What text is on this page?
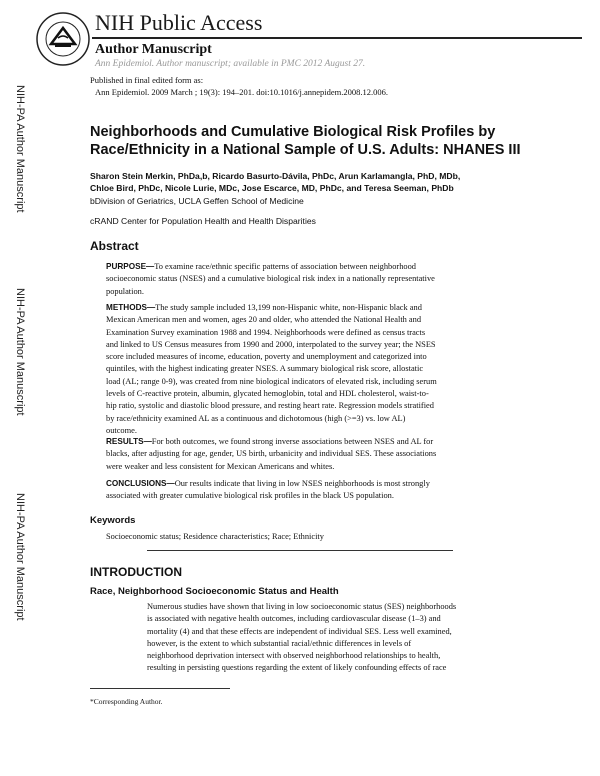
NIH Public Access
Author Manuscript
Ann Epidemiol. Author manuscript; available in PMC 2012 August 27.
Published in final edited form as:
Ann Epidemiol. 2009 March ; 19(3): 194–201. doi:10.1016/j.annepidem.2008.12.006.
NIH-PA Author Manuscript
NIH-PA Author Manuscript
NIH-PA Author Manuscript
Neighborhoods and Cumulative Biological Risk Profiles by
Race/Ethnicity in a National Sample of U.S. Adults: NHANES III
Sharon Stein Merkin, PhDa,b, Ricardo Basurto-Dávila, PhDc, Arun Karlamangla, PhD, MDb,
Chloe Bird, PhDc, Nicole Lurie, MDc, Jose Escarce, MD, PhDc, and Teresa Seeman, PhDb
bDivision of Geriatrics, UCLA Geffen School of Medicine
cRAND Center for Population Health and Health Disparities
Abstract
PURPOSE—To examine race/ethnic specific patterns of association between neighborhood
socioeconomic status (NSES) and a cumulative biological risk index in a nationally representative
population.
METHODS—The study sample included 13,199 non-Hispanic white, non-Hispanic black and
Mexican American men and women, ages 20 and older, who attended the National Health and
Examination Survey examination 1988 and 1994. Neighborhoods were defined as census tracts
and linked to US Census measures from 1990 and 2000, interpolated to the survey year; the NSES
score included measures of income, education, poverty and unemployment and categorized into
quintiles, with the highest indicating greater NSES. A summary biological risk score, allostatic
load (AL; range 0-9), was created from nine biological indicators of elevated risk, including serum
levels of C-reactive protein, albumin, glycated hemoglobin, total and HDL cholesterol, waist-to-
hip ratio, systolic and diastolic blood pressure, and resting heart rate. Regression models stratified
by race/ethnicity examined AL as a continuous and dichotomous (high (>=3) vs. low AL)
outcome.
RESULTS—For both outcomes, we found strong inverse associations between NSES and AL for
blacks, after adjusting for age, gender, US birth, urbanicity and individual SES. These associations
were weaker and less consistent for Mexican Americans and whites.
CONCLUSIONS—Our results indicate that living in low NSES neighborhoods is most strongly
associated with greater cumulative biological risk profiles in the black US population.
Keywords
Socioeconomic status; Residence characteristics; Race; Ethnicity
INTRODUCTION
Race, Neighborhood Socioeconomic Status and Health
Numerous studies have shown that living in low socioeconomic status (SES) neighborhoods
is associated with negative health outcomes, including cardiovascular disease (1–3) and
mortality (4) and that these effects are independent of individual SES. Less well examined,
however, is the extent to which substantial racial/ethnic differences in levels of
neighborhood deprivation intersect with observed neighborhood relationships to health,
resulting in persisting questions regarding the extent of likely confounding effects of race
*Corresponding Author.
